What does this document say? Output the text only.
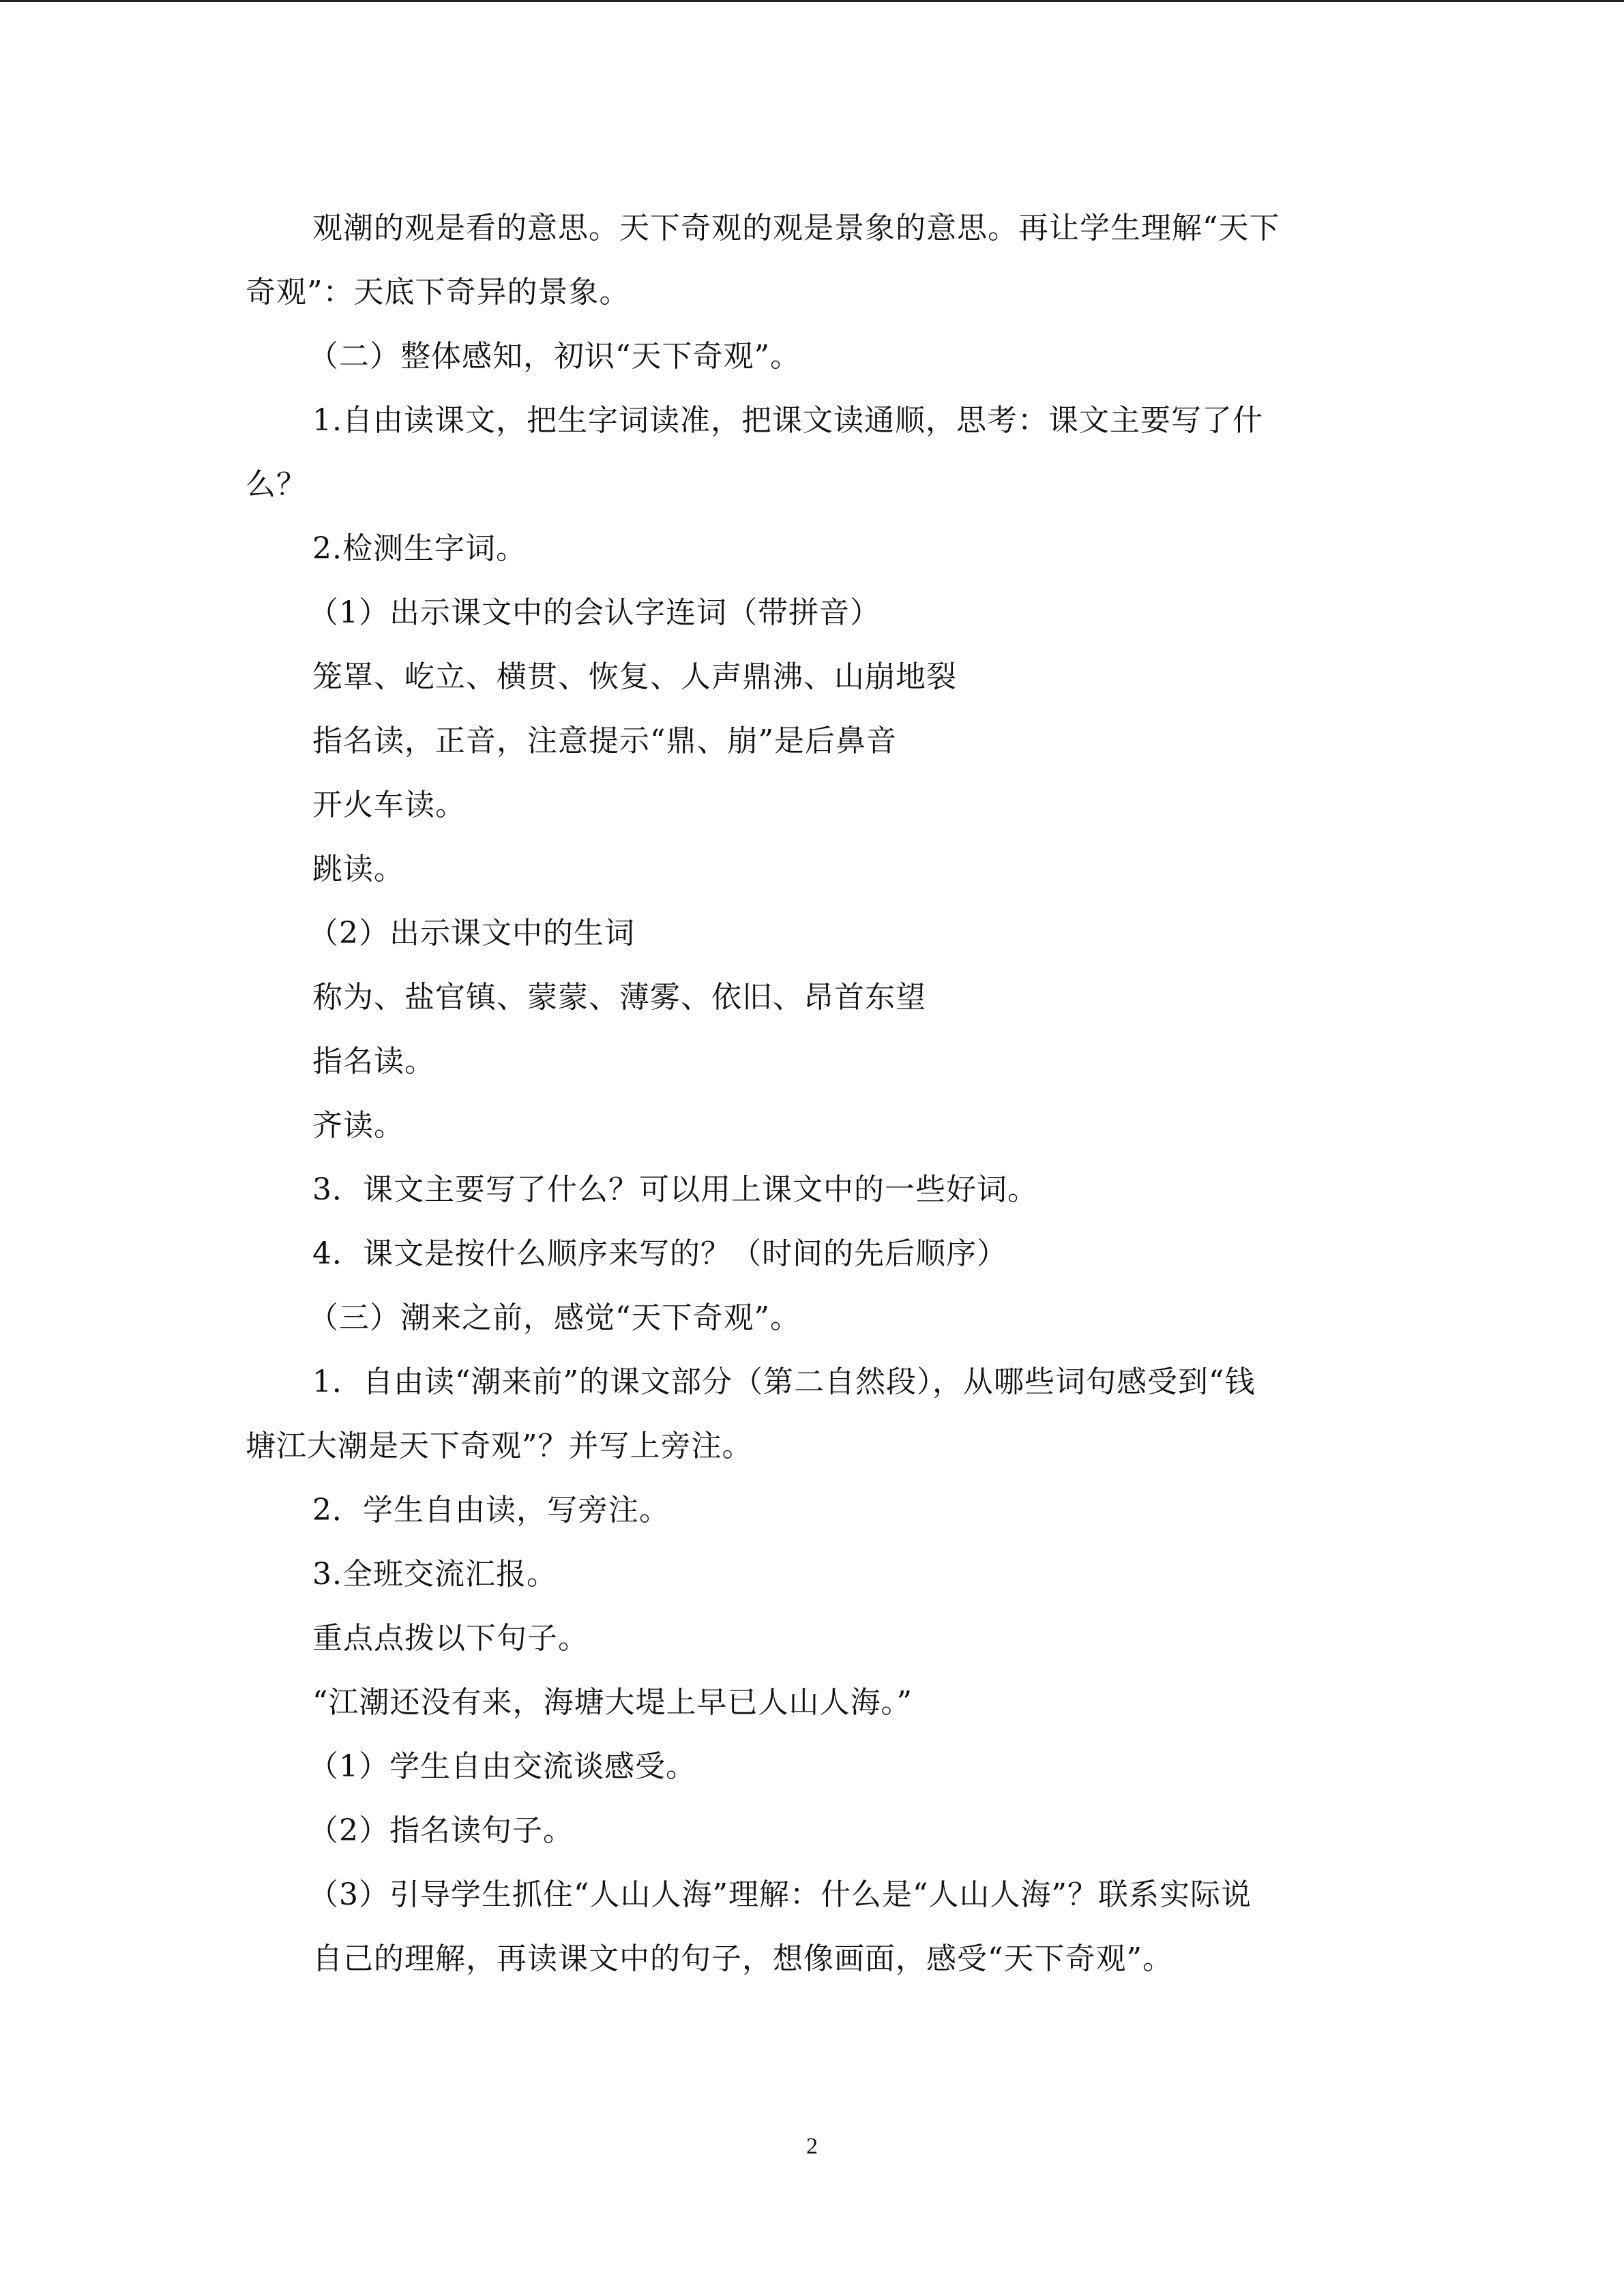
观潮的观是看的意思。天下奇观的观是景象的意思。再让学生理解“天下
奇观”：天底下奇异的景象。
（二）整体感知，初识“天下奇观”。
1.自由读课文，把生字词读准，把课文读通顺，思考：课文主要写了什
么？
2.检测生字词。
（1）出示课文中的会认字连词（带拼音）
笼罩、屹立、横贯、恢复、人声鼎沸、山崩地裂
指名读，正音，注意提示“鼎、崩”是后鼻音
开火车读。
跳读。
（2）出示课文中的生词
称为、盐官镇、蒙蒙、薄雾、依旧、昂首东望
指名读。
齐读。
3．课文主要写了什么？可以用上课文中的一些好词。
4．课文是按什么顺序来写的？（时间的先后顺序）
（三）潮来之前，感觉“天下奇观”。
1．自由读“潮来前”的课文部分（第二自然段），从哪些词句感受到“钱
塘江大潮是天下奇观”？并写上旁注。
2．学生自由读，写旁注。
3.全班交流汇报。
重点点拨以下句子。
“江潮还没有来，海塘大堤上早已人山人海。”
（1）学生自由交流谈感受。
（2）指名读句子。
（3）引导学生抓住“人山人海”理解：什么是“人山人海”？联系实际说
自己的理解，再读课文中的句子，想像画面，感受“天下奇观”。
2
